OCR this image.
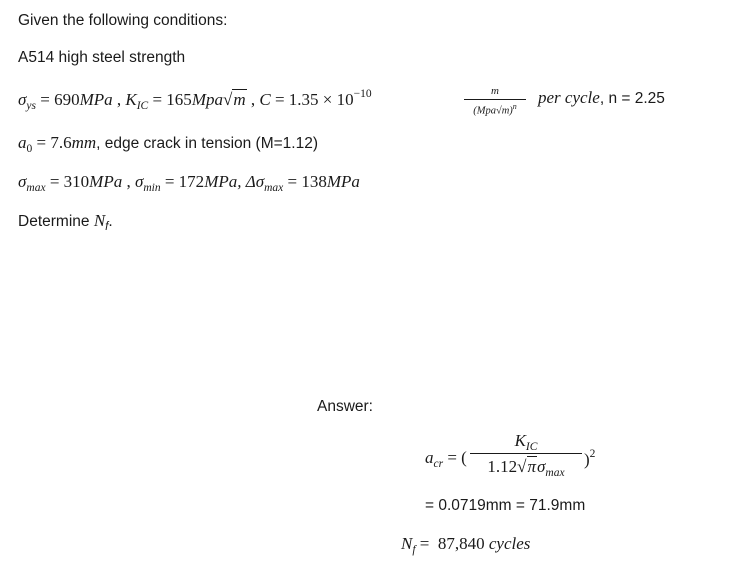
Given the following conditions:
A514 high steel strength
$\sigma_{ys} = 690MPa$ , $K_{IC} = 165Mpa√m$ , $C = 1.35 \times 10^{-10}$	m
$(Mpa√m)^n$	per cycle, n = 2.25
$a_0 = 7.6mm$, edge crack in tension (M=1.12)
$\sigma_{max} = 310MPa$ , $\sigma_{min} = 172MPa$, $\Delta\sigma_{max} = 138MPa$
Determine $N_f$.
Answer:
$a_{cr}$ = (
$K_{IC}$
$1.12√\pi\sigma_{max}$
)$^2$
= 0.0719mm = 71.9mm
$N_f = 87,840$ cycles
